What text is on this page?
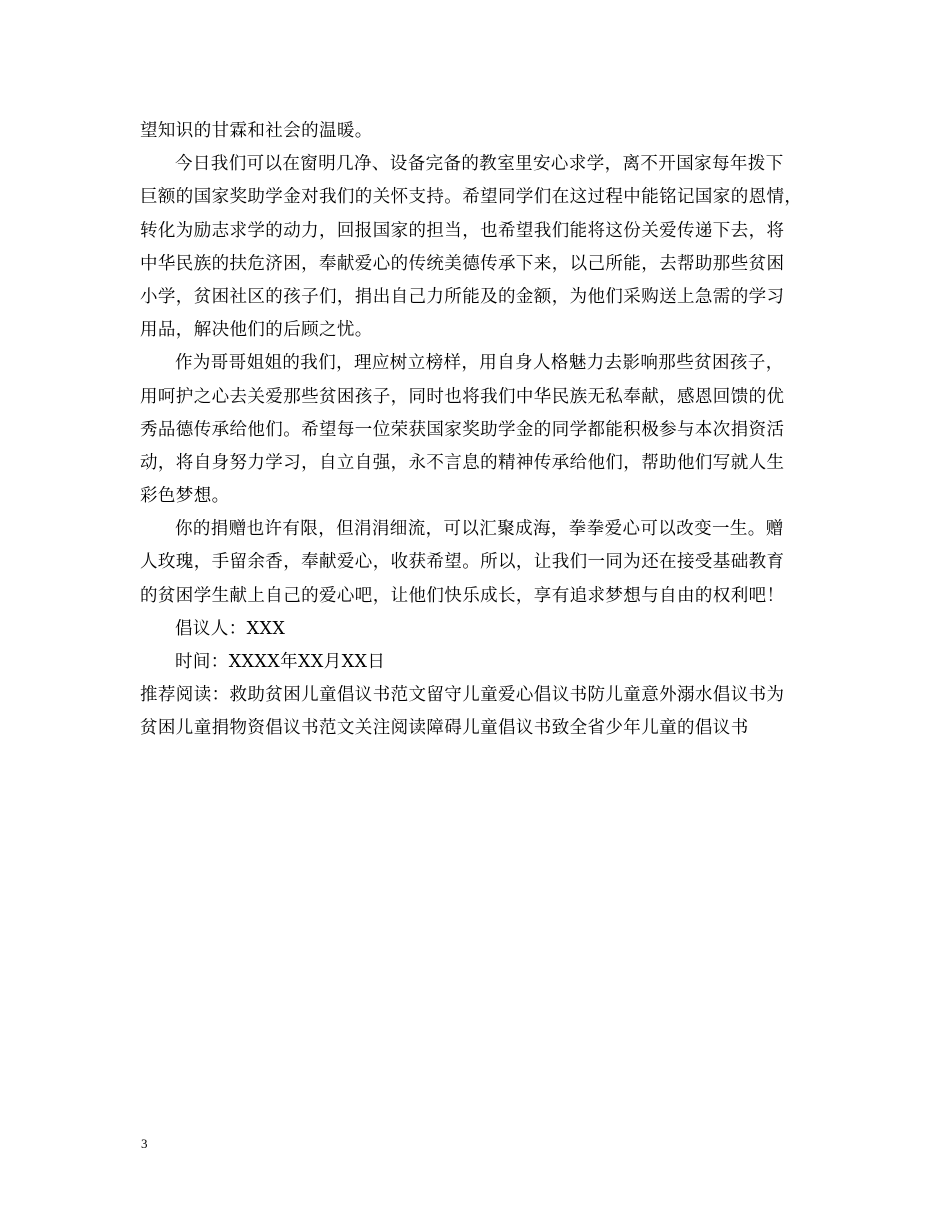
望知识的甘霖和社会的温暖。
今日我们可以在窗明几净、设备完备的教室里安心求学，离不开国家每年拨下
巨额的国家奖助学金对我们的关怀支持。希望同学们在这过程中能铭记国家的恩情，
转化为励志求学的动力，回报国家的担当，也希望我们能将这份关爱传递下去，将
中华民族的扶危济困，奉献爱心的传统美德传承下来，以己所能，去帮助那些贫困
小学，贫困社区的孩子们，捐出自己力所能及的金额，为他们采购送上急需的学习
用品，解决他们的后顾之忧。
作为哥哥姐姐的我们，理应树立榜样，用自身人格魅力去影响那些贫困孩子，
用呵护之心去关爱那些贫困孩子，同时也将我们中华民族无私奉献，感恩回馈的优
秀品德传承给他们。希望每一位荣获国家奖助学金的同学都能积极参与本次捐资活
动，将自身努力学习，自立自强，永不言息的精神传承给他们，帮助他们写就人生
彩色梦想。
你的捐赠也许有限，但涓涓细流，可以汇聚成海，拳拳爱心可以改变一生。赠
人玫瑰，手留余香，奉献爱心，收获希望。所以，让我们一同为还在接受基础教育
的贫困学生献上自己的爱心吧，让他们快乐成长，享有追求梦想与自由的权利吧！
倡议人：XXX
时间：XXXX年XX月XX日
推荐阅读：救助贫困儿童倡议书范文留守儿童爱心倡议书防儿童意外溺水倡议书为
贫困儿童捐物资倡议书范文关注阅读障碍儿童倡议书致全省少年儿童的倡议书
3
